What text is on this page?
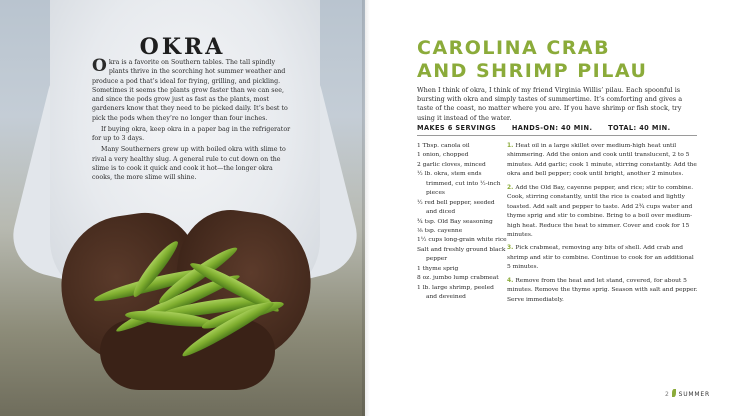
OKRA

Okra is a favorite on Southern tables. The tall spindly plants thrive in the scorching hot summer weather and produce a pod that’s ideal for frying, grilling, and pickling. Sometimes it seems the plants grow faster than we can see, and since the pods grow just as fast as the plants, most gardeners know that they need to be picked daily. It’s best to pick the pods when they’re no longer than four inches.

If buying okra, keep okra in a paper bag in the refrigerator for up to 3 days.

Many Southerners grew up with boiled okra with slime to rival a very healthy slug. A general rule to cut down on the slime is to cook it quick and cook it hot—the longer okra cooks, the more slime will shine.

CAROLINA CRAB
AND SHRIMP PILAU
When I think of okra, I think of my friend Virginia Willis’ pilau. Each spoonful is bursting with okra and simply tastes of summertime. It’s comforting and gives a taste of the coast, no matter where you are. If you have shrimp or fish stock, try using it instead of the water.
MAKES 6 SERVINGS HANDS-ON: 40 MIN. TOTAL: 40 MIN.
1 Tbsp. canola oil
1 onion, chopped
2 garlic cloves, minced
½ lb. okra, stem ends
trimmed, cut into ½-inch
pieces
½ red bell pepper, seeded
and diced
¾ tsp. Old Bay seasoning
⅛ tsp. cayenne
1½ cups long-grain white rice
Salt and freshly ground black
pepper
1 thyme sprig
8 oz. jumbo lump crabmeat
1 lb. large shrimp, peeled
and deveined

1. Heat oil in a large skillet over medium-high heat until shimmering. Add the onion and cook until translucent, 2 to 5 minutes. Add garlic; cook 1 minute, stirring constantly. Add the okra and bell pepper; cook until bright, another 2 minutes.

2. Add the Old Bay, cayenne pepper, and rice; stir to combine. Cook, stirring constantly, until the rice is coated and lightly toasted. Add salt and pepper to taste. Add 2¾ cups water and thyme sprig and stir to combine. Bring to a boil over medium-high heat. Reduce the heat to simmer. Cover and cook for 15 minutes.

3. Pick crabmeat, removing any bits of shell. Add crab and shrimp and stir to combine. Continue to cook for an additional 5 minutes.

4. Remove from the heat and let stand, covered, for about 5 minutes. Remove the thyme sprig. Season with salt and pepper. Serve immediately.

2 SUMMER
